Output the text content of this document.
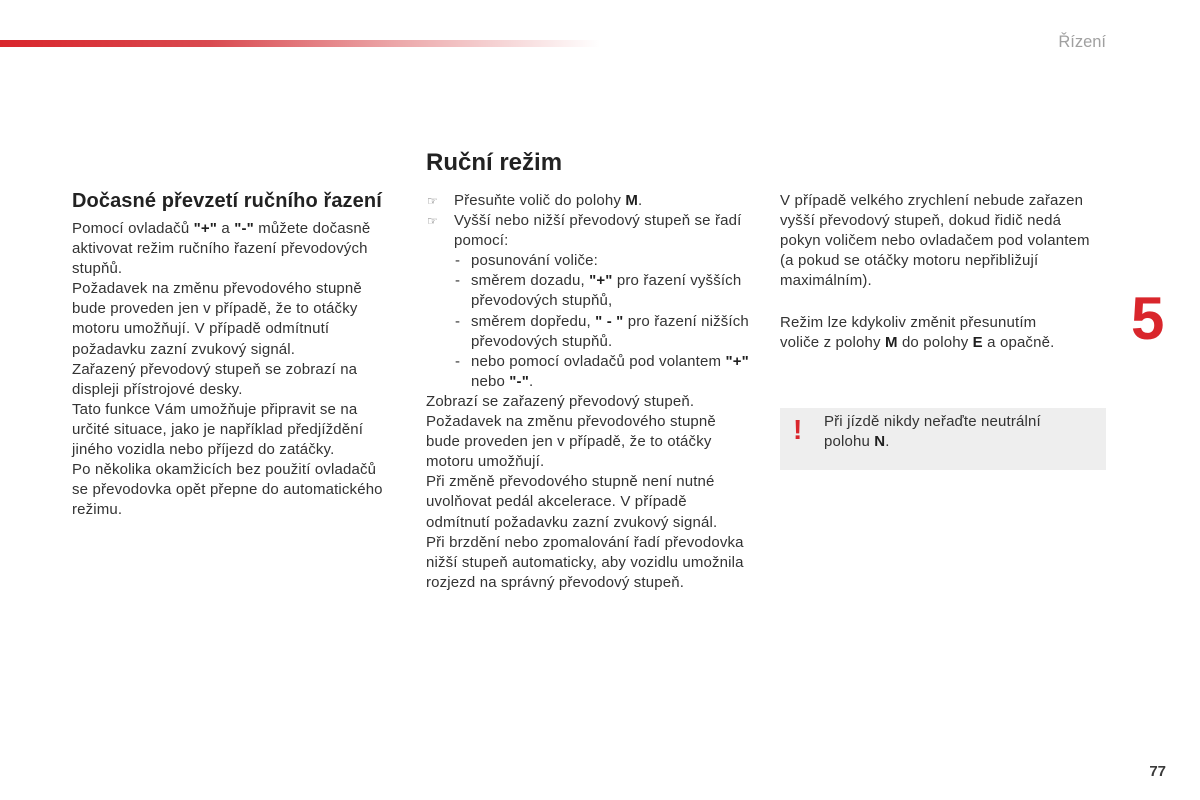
Řízení
5
77
Dočasné převzetí ručního řazení
Pomocí ovladačů "+" a "-" můžete dočasně
aktivovat režim ručního řazení převodových
stupňů.
Požadavek na změnu převodového stupně
bude proveden jen v případě, že to otáčky
motoru umožňují. V případě odmítnutí
požadavku zazní zvukový signál.
Zařazený převodový stupeň se zobrazí na
displeji přístrojové desky.
Tato funkce Vám umožňuje připravit se na
určité situace, jako je například předjíždění
jiného vozidla nebo příjezd do zatáčky.
Po několika okamžicích bez použití ovladačů
se převodovka opět přepne do automatického
režimu.
Ruční režim
☞
Přesuňte volič do polohy M.
☞
Vyšší nebo nižší převodový stupeň se řadí
pomocí:
- posunování voliče:
- směrem dozadu, "+" pro řazení vyšších
převodových stupňů,
- směrem dopředu, " - " pro řazení nižších
převodových stupňů.
- nebo pomocí ovladačů pod volantem "+"
nebo "-".
Zobrazí se zařazený převodový stupeň.
Požadavek na změnu převodového stupně
bude proveden jen v případě, že to otáčky
motoru umožňují.
Při změně převodového stupně není nutné
uvolňovat pedál akcelerace. V případě
odmítnutí požadavku zazní zvukový signál.
Při brzdění nebo zpomalování řadí převodovka
nižší stupeň automaticky, aby vozidlu umožnila
rozjezd na správný převodový stupeň.
V případě velkého zrychlení nebude zařazen
vyšší převodový stupeň, dokud řidič nedá
pokyn voličem nebo ovladačem pod volantem
(a pokud se otáčky motoru nepřibližují
maximálním).
Režim lze kdykoliv změnit přesunutím
voliče z polohy M do polohy E a opačně.
!
Při jízdě nikdy neřaďte neutrální
polohu N.
